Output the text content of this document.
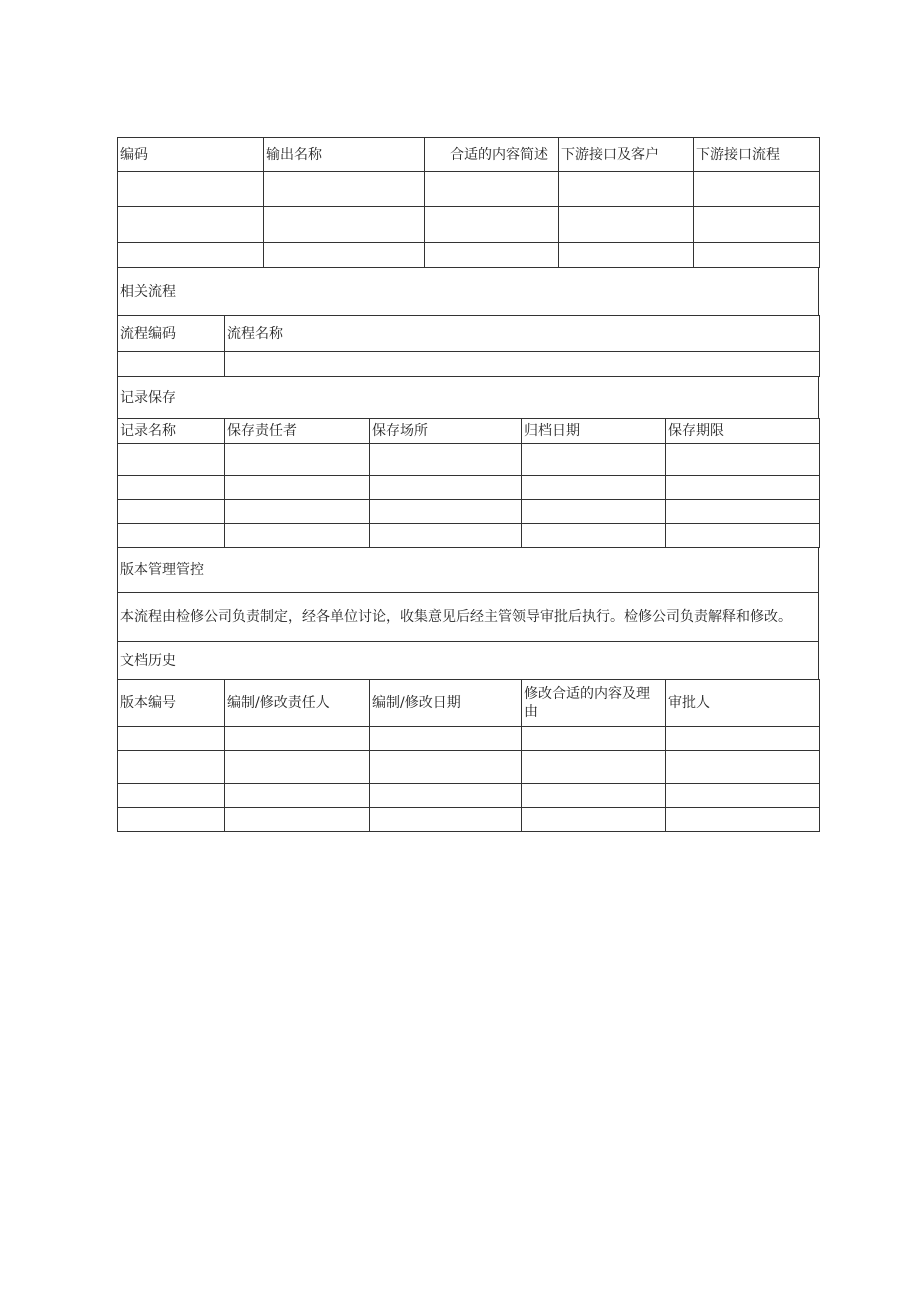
编码	输出名称	合适的内容简述	下游接口及客户	下游接口流程

相关流程
流程编码	流程名称

记录保存
记录名称	保存责任者	保存场所	归档日期	保存期限

版本管理管控
本流程由检修公司负责制定，经各单位讨论，收集意见后经主管领导审批后执行。检修公司负责解释和修改。
文档历史
版本编号	编制/修改责任人	编制/修改日期	修改合适的内容及理由	审批人
